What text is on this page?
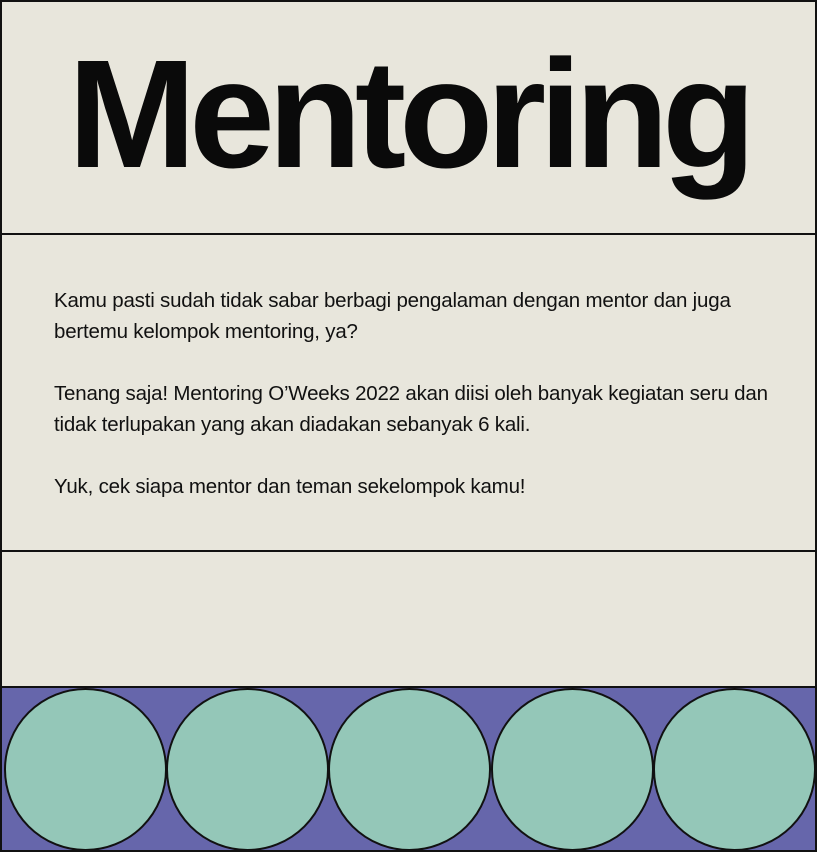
Mentoring

Kamu pasti sudah tidak sabar berbagi pengalaman dengan mentor dan juga bertemu kelompok mentoring, ya?

Tenang saja! Mentoring O’Weeks 2022 akan diisi oleh banyak kegiatan seru dan tidak terlupakan yang akan diadakan sebanyak 6 kali.

Yuk, cek siapa mentor dan teman sekelompok kamu!
